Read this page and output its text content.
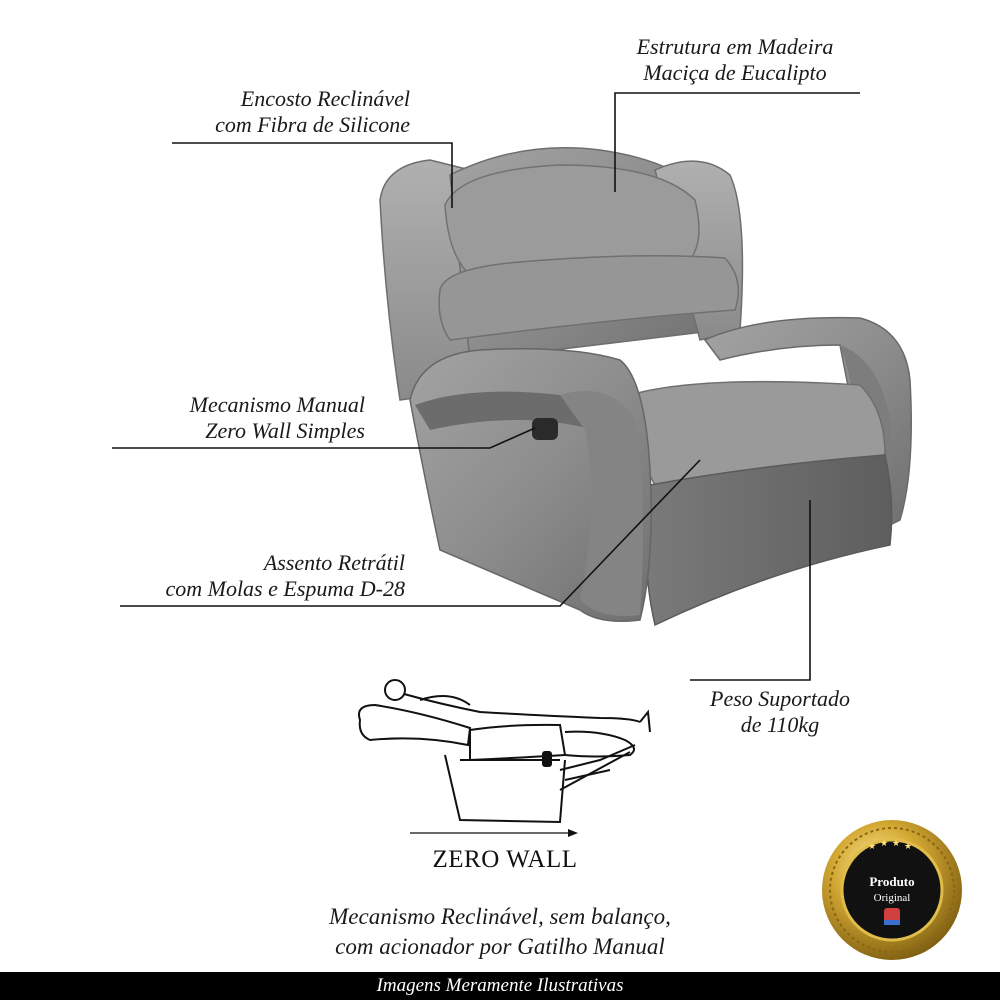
Estrutura em Madeira
Maciça de Eucalipto
Encosto Reclinável
com Fibra de Silicone
Mecanismo Manual
Zero Wall Simples
Assento Retrátil
com Molas e Espuma D-28
Peso Suportado
de 110kg
ZERO WALL
Mecanismo Reclinável, sem balanço,
com acionador por Gatilho Manual
★ ★ ★ ★
Produto
Original
Imagens Meramente Ilustrativas
